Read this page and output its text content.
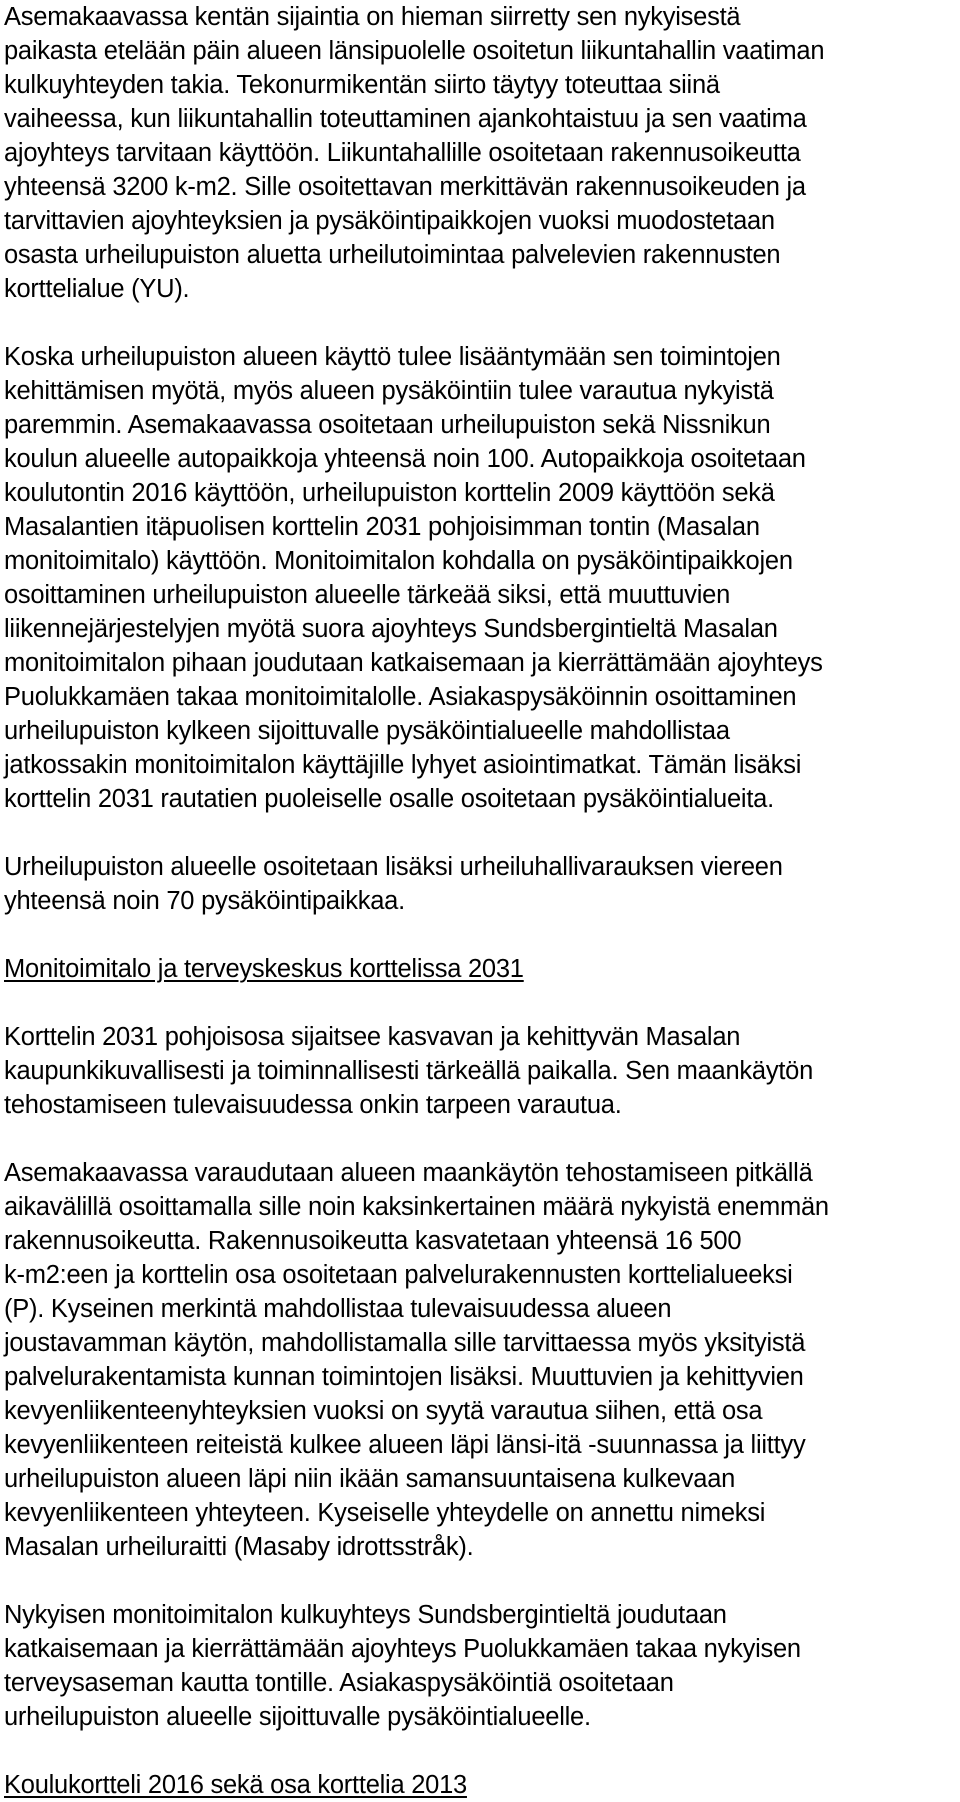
Asemakaavassa kentän sijaintia on hieman siirretty sen nykyisestä
paikasta etelään päin alueen länsipuolelle osoitetun liikuntahallin vaatiman
kulkuyhteyden takia. Tekonurmikentän siirto täytyy toteuttaa siinä
vaiheessa, kun liikuntahallin toteuttaminen ajankohtaistuu ja sen vaatima
ajoyhteys tarvitaan käyttöön. Liikuntahallille osoitetaan rakennusoikeutta
yhteensä 3200 k-m2. Sille osoitettavan merkittävän rakennusoikeuden ja
tarvittavien ajoyhteyksien ja pysäköintipaikkojen vuoksi muodostetaan
osasta urheilupuiston aluetta urheilutoimintaa palvelevien rakennusten
korttelialue (YU).
Koska urheilupuiston alueen käyttö tulee lisääntymään sen toimintojen
kehittämisen myötä, myös alueen pysäköintiin tulee varautua nykyistä
paremmin. Asemakaavassa osoitetaan urheilupuiston sekä Nissnikun
koulun alueelle autopaikkoja yhteensä noin 100. Autopaikkoja osoitetaan
koulutontin 2016 käyttöön, urheilupuiston korttelin 2009 käyttöön sekä
Masalantien itäpuolisen korttelin 2031 pohjoisimman tontin (Masalan
monitoimitalo) käyttöön. Monitoimitalon kohdalla on pysäköintipaikkojen
osoittaminen urheilupuiston alueelle tärkeää siksi, että muuttuvien
liikennejärjestelyjen myötä suora ajoyhteys Sundsbergintieltä Masalan
monitoimitalon pihaan joudutaan katkaisemaan ja kierrättämään ajoyhteys
Puolukkamäen takaa monitoimitalolle. Asiakaspysäköinnin osoittaminen
urheilupuiston kylkeen sijoittuvalle pysäköintialueelle mahdollistaa
jatkossakin monitoimitalon käyttäjille lyhyet asiointimatkat. Tämän lisäksi
korttelin 2031 rautatien puoleiselle osalle osoitetaan pysäköintialueita.
Urheilupuiston alueelle osoitetaan lisäksi urheiluhallivarauksen viereen
yhteensä noin 70 pysäköintipaikkaa.
Monitoimitalo ja terveyskeskus korttelissa 2031
Korttelin 2031 pohjoisosa sijaitsee kasvavan ja kehittyvän Masalan
kaupunkikuvallisesti ja toiminnallisesti tärkeällä paikalla. Sen maankäytön
tehostamiseen tulevaisuudessa onkin tarpeen varautua.
Asemakaavassa varaudutaan alueen maankäytön tehostamiseen pitkällä
aikavälillä osoittamalla sille noin kaksinkertainen määrä nykyistä enemmän
rakennusoikeutta. Rakennusoikeutta kasvatetaan yhteensä 16 500
k-m2:een ja korttelin osa osoitetaan palvelurakennusten korttelialueeksi
(P). Kyseinen merkintä mahdollistaa tulevaisuudessa alueen
joustavamman käytön, mahdollistamalla sille tarvittaessa myös yksityistä
palvelurakentamista kunnan toimintojen lisäksi. Muuttuvien ja kehittyvien
kevyenliikenteenyhteyksien vuoksi on syytä varautua siihen, että osa
kevyenliikenteen reiteistä kulkee alueen läpi länsi-itä -suunnassa ja liittyy
urheilupuiston alueen läpi niin ikään samansuuntaisena kulkevaan
kevyenliikenteen yhteyteen. Kyseiselle yhteydelle on annettu nimeksi
Masalan urheiluraitti (Masaby idrottsstråk).
Nykyisen monitoimitalon kulkuyhteys Sundsbergintieltä joudutaan
katkaisemaan ja kierrättämään ajoyhteys Puolukkamäen takaa nykyisen
terveysaseman kautta tontille. Asiakaspysäköintiä osoitetaan
urheilupuiston alueelle sijoittuvalle pysäköintialueelle.
Koulukortteli 2016 sekä osa korttelia 2013
